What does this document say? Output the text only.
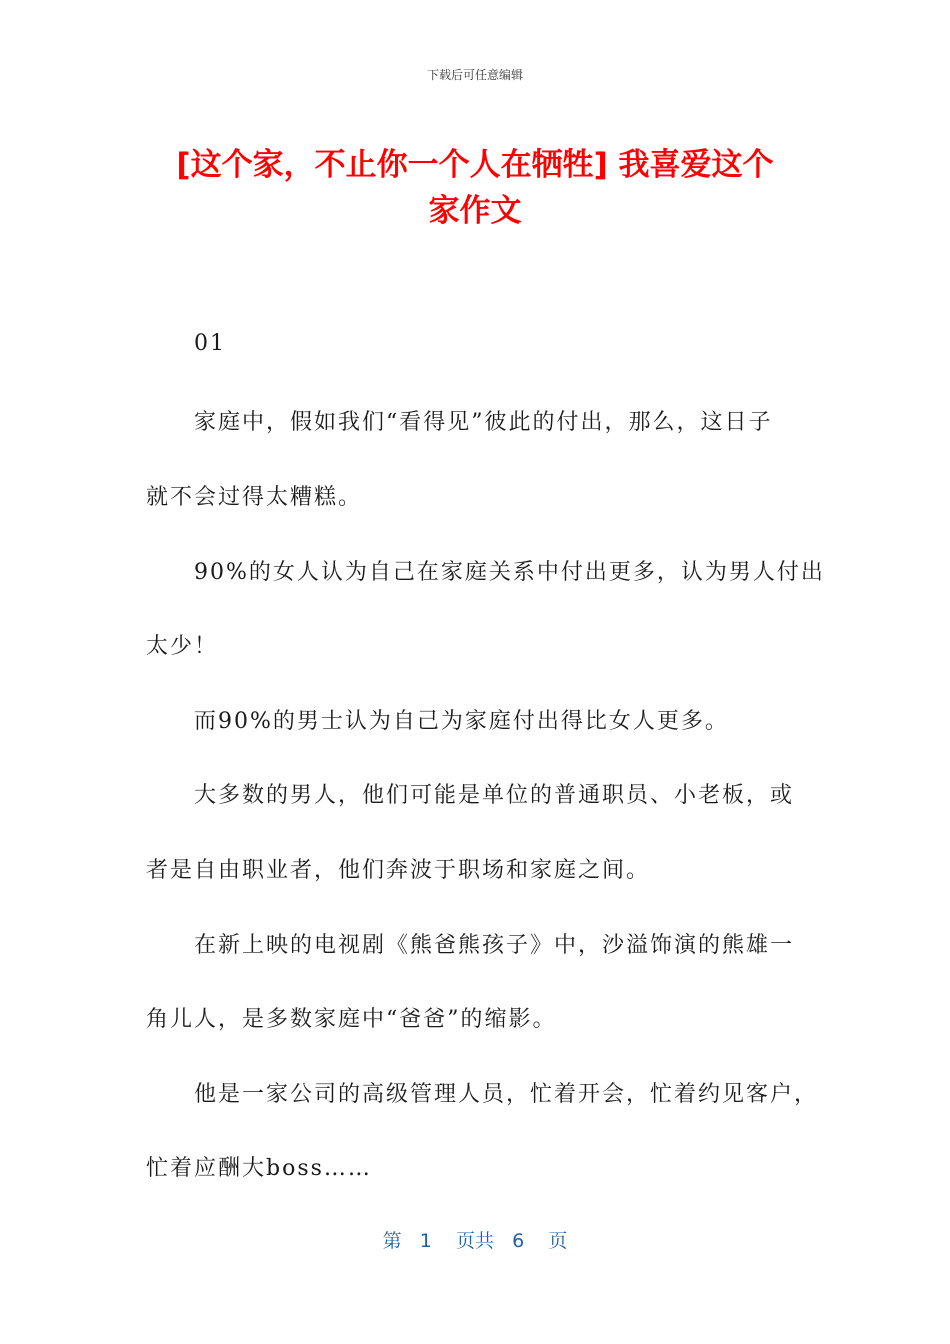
下载后可任意编辑
[这个家，不止你一个人在牺牲] 我喜爱这个
家作文
01
家庭中，假如我们“看得见”彼此的付出，那么，这日子
就不会过得太糟糕。
90%的女人认为自己在家庭关系中付出更多，认为男人付出
太少！
而90%的男士认为自己为家庭付出得比女人更多。
大多数的男人，他们可能是单位的普通职员、小老板，或
者是自由职业者，他们奔波于职场和家庭之间。
在新上映的电视剧《熊爸熊孩子》中，沙溢饰演的熊雄一
角儿人，是多数家庭中“爸爸”的缩影。
他是一家公司的高级管理人员，忙着开会，忙着约见客户，
忙着应酬大boss……
第 1 页共 6 页
